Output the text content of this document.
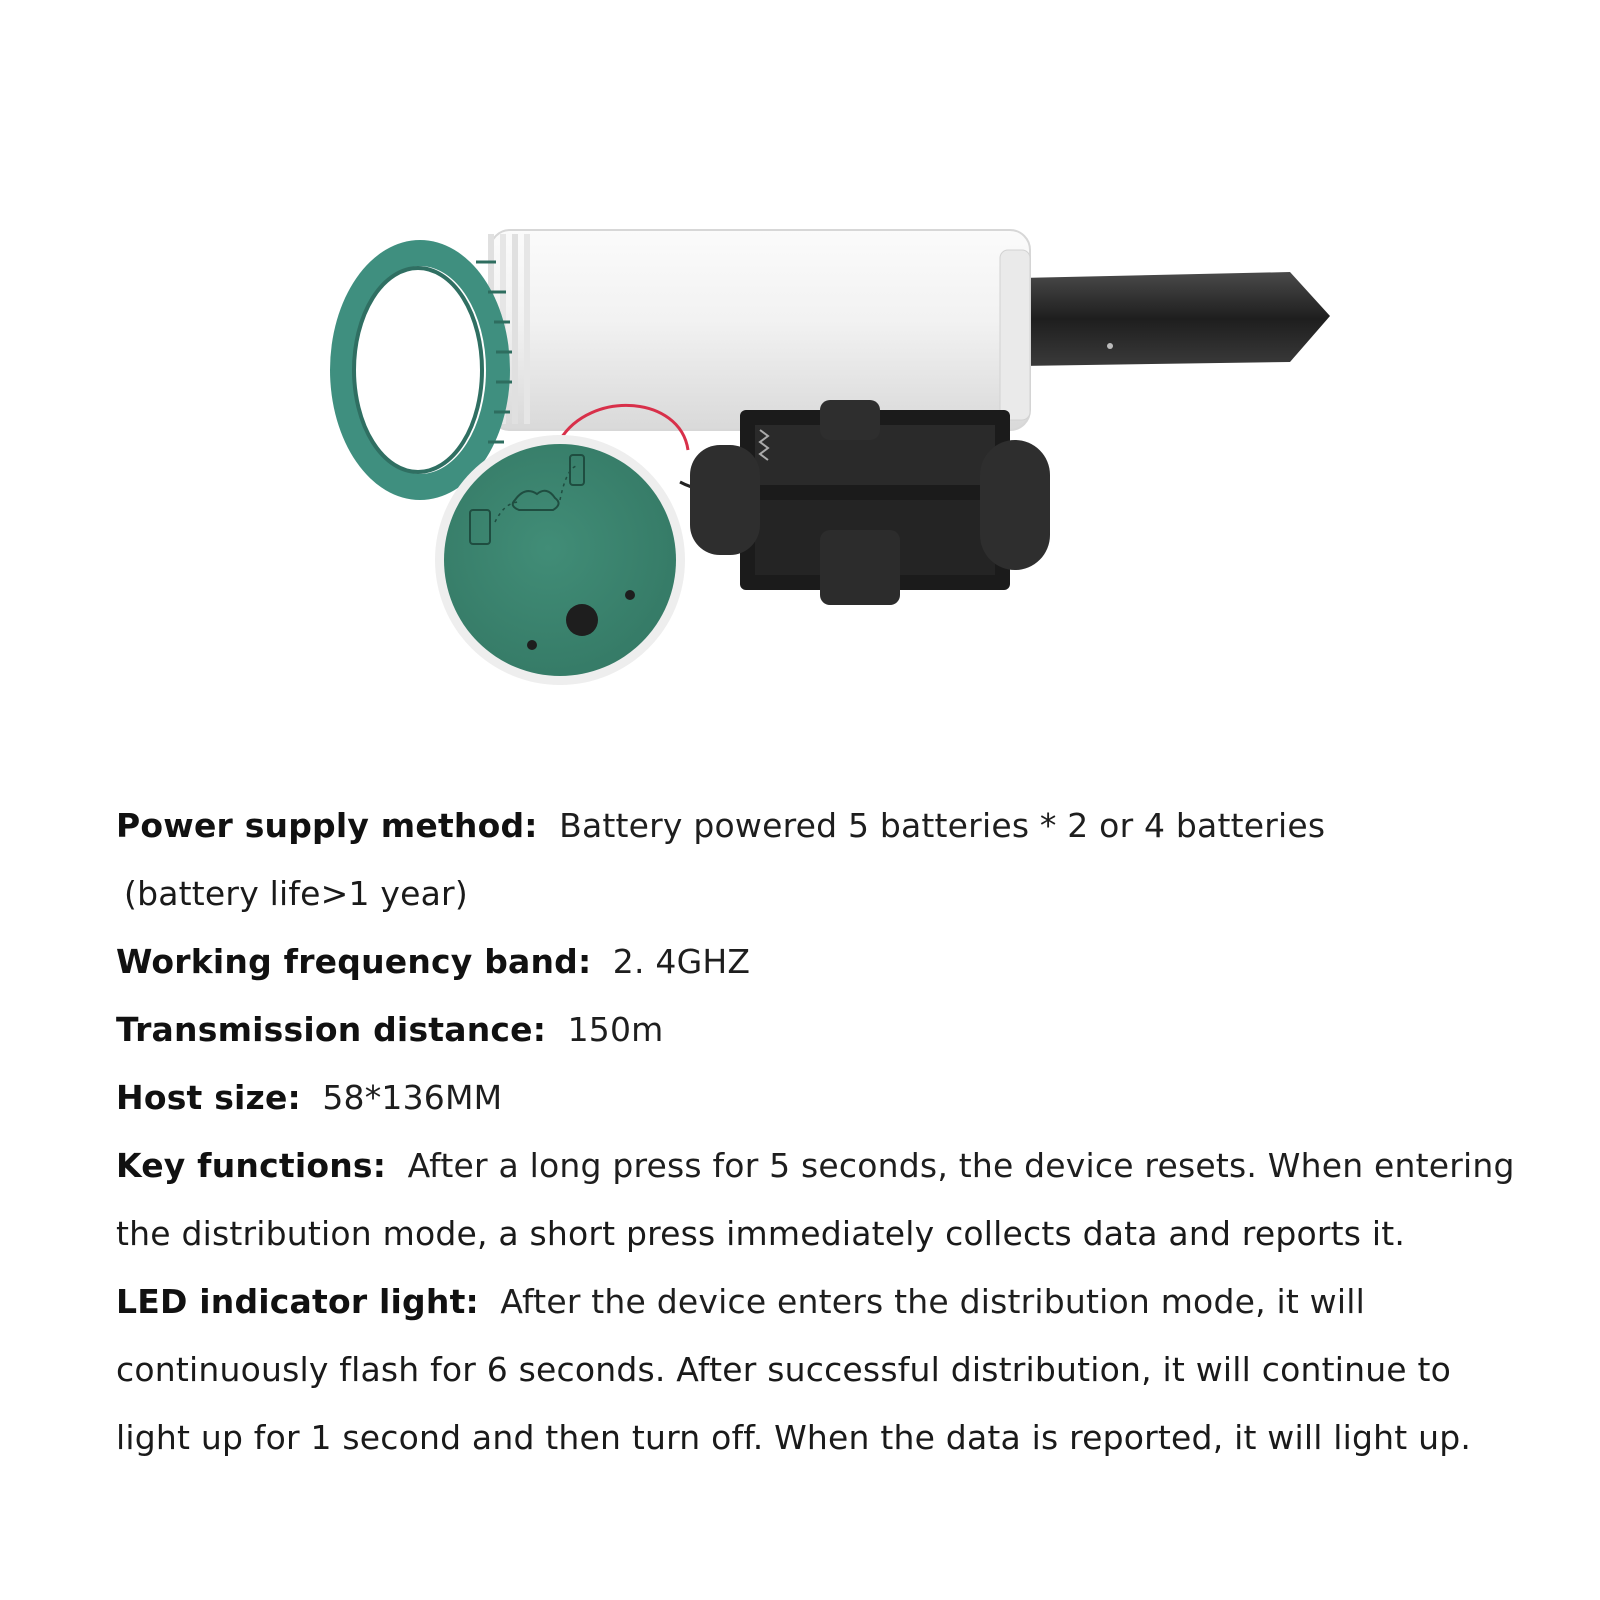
Power supply method: Battery powered 5 batteries * 2 or 4 batteries
(battery life>1 year)
Working frequency band: 2. 4GHZ
Transmission distance: 150m
Host size: 58*136MM
Key functions: After a long press for 5 seconds, the device resets. When entering
the distribution mode, a short press immediately collects data and reports it.
LED indicator light: After the device enters the distribution mode, it will
continuously flash for 6 seconds. After successful distribution, it will continue to
light up for 1 second and then turn off. When the data is reported, it will light up.
